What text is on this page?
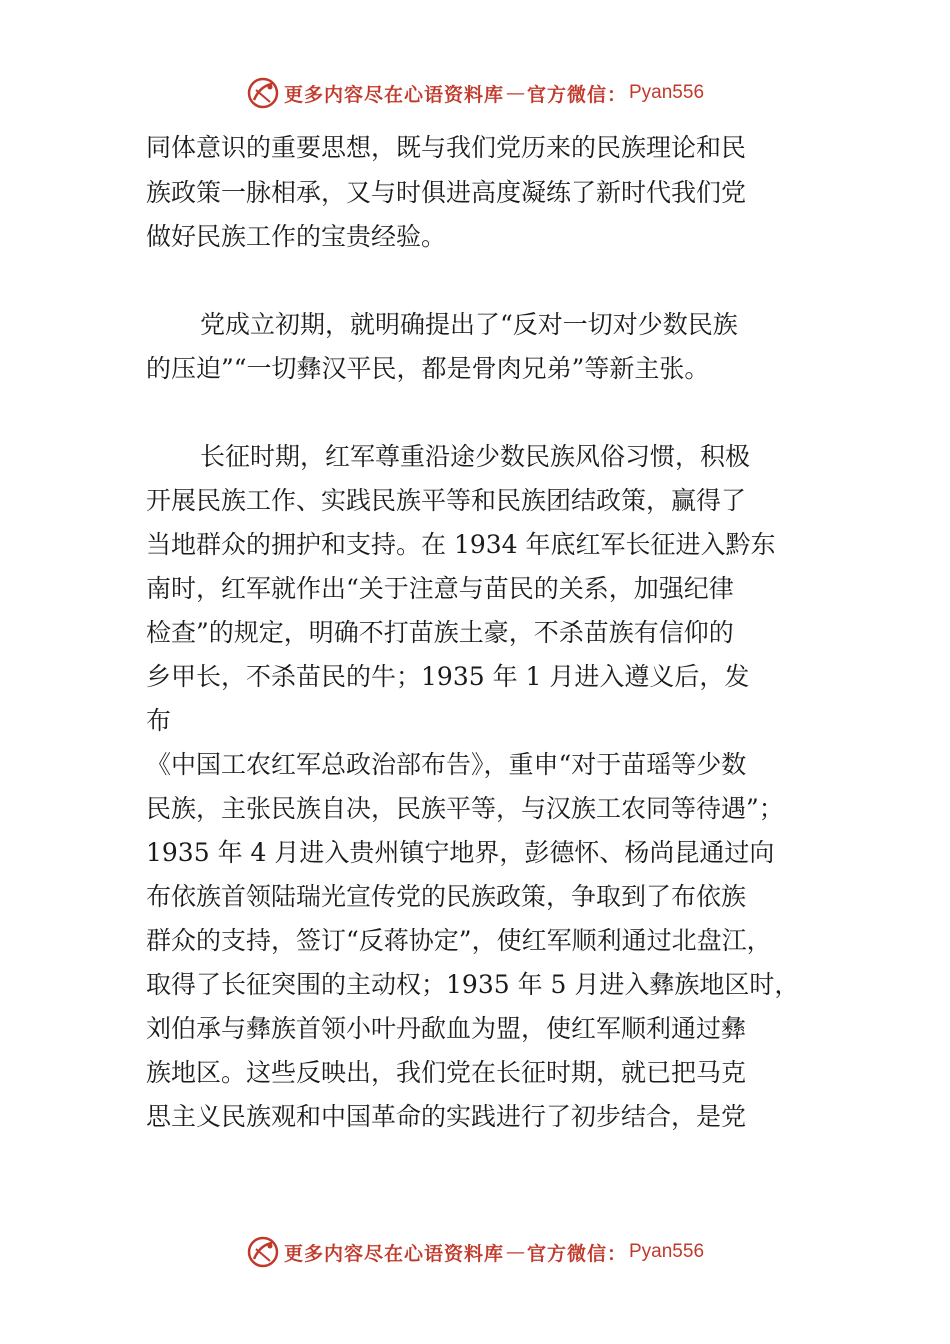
更多内容尽在心语资料库 — 官方微信： Pyan556
同体意识的重要思想，既与我们党历来的民族理论和民
族政策一脉相承，又与时俱进高度凝练了新时代我们党
做好民族工作的宝贵经验。
党成立初期，就明确提出了“反对一切对少数民族
的压迫”“一切彝汉平民，都是骨肉兄弟”等新主张。
长征时期，红军尊重沿途少数民族风俗习惯，积极
开展民族工作、实践民族平等和民族团结政策，赢得了
当地群众的拥护和支持。在 1934 年底红军长征进入黔东
南时，红军就作出“关于注意与苗民的关系，加强纪律
检查”的规定，明确不打苗族土豪，不杀苗族有信仰的
乡甲长，不杀苗民的牛；1935 年 1 月进入遵义后，发
布
《中国工农红军总政治部布告》，重申“对于苗瑶等少数
民族，主张民族自决，民族平等，与汉族工农同等待遇”；
1935 年 4 月进入贵州镇宁地界，彭德怀、杨尚昆通过向
布依族首领陆瑞光宣传党的民族政策，争取到了布依族
群众的支持，签订“反蒋协定”，使红军顺利通过北盘江，
取得了长征突围的主动权；1935 年 5 月进入彝族地区时，
刘伯承与彝族首领小叶丹歃血为盟，使红军顺利通过彝
族地区。这些反映出，我们党在长征时期，就已把马克
思主义民族观和中国革命的实践进行了初步结合，是党
更多内容尽在心语资料库 — 官方微信： Pyan556
